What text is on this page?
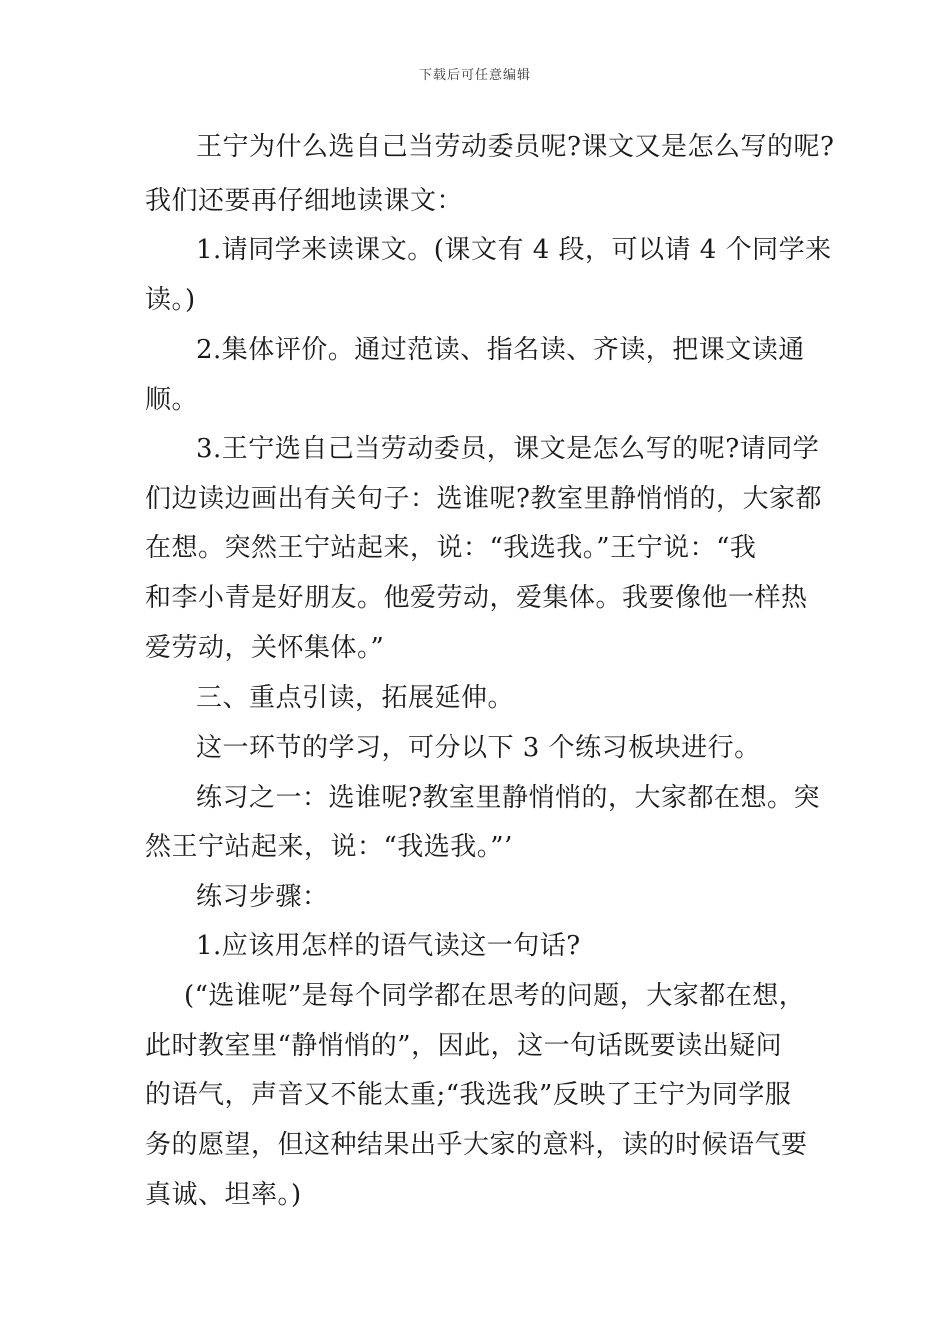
下载后可任意编辑
王宁为什么选自己当劳动委员呢?课文又是怎么写的呢?
我们还要再仔细地读课文：
1.请同学来读课文。(课文有 4 段，可以请 4 个同学来
读。)
2.集体评价。通过范读、指名读、齐读，把课文读通
顺。
3.王宁选自己当劳动委员，课文是怎么写的呢?请同学
们边读边画出有关句子：选谁呢?教室里静悄悄的，大家都
在想。突然王宁站起来，说：“我选我。”王宁说：“我
和李小青是好朋友。他爱劳动，爱集体。我要像他一样热
爱劳动，关怀集体。”
三、重点引读，拓展延伸。
这一环节的学习，可分以下 3 个练习板块进行。
练习之一：选谁呢?教室里静悄悄的，大家都在想。突
然王宁站起来，说：“我选我。”’
练习步骤：
1.应该用怎样的语气读这一句话?
(“选谁呢”是每个同学都在思考的问题，大家都在想，
此时教室里“静悄悄的”，因此，这一句话既要读出疑问
的语气，声音又不能太重;“我选我”反映了王宁为同学服
务的愿望，但这种结果出乎大家的意料，读的时候语气要
真诚、坦率。)
